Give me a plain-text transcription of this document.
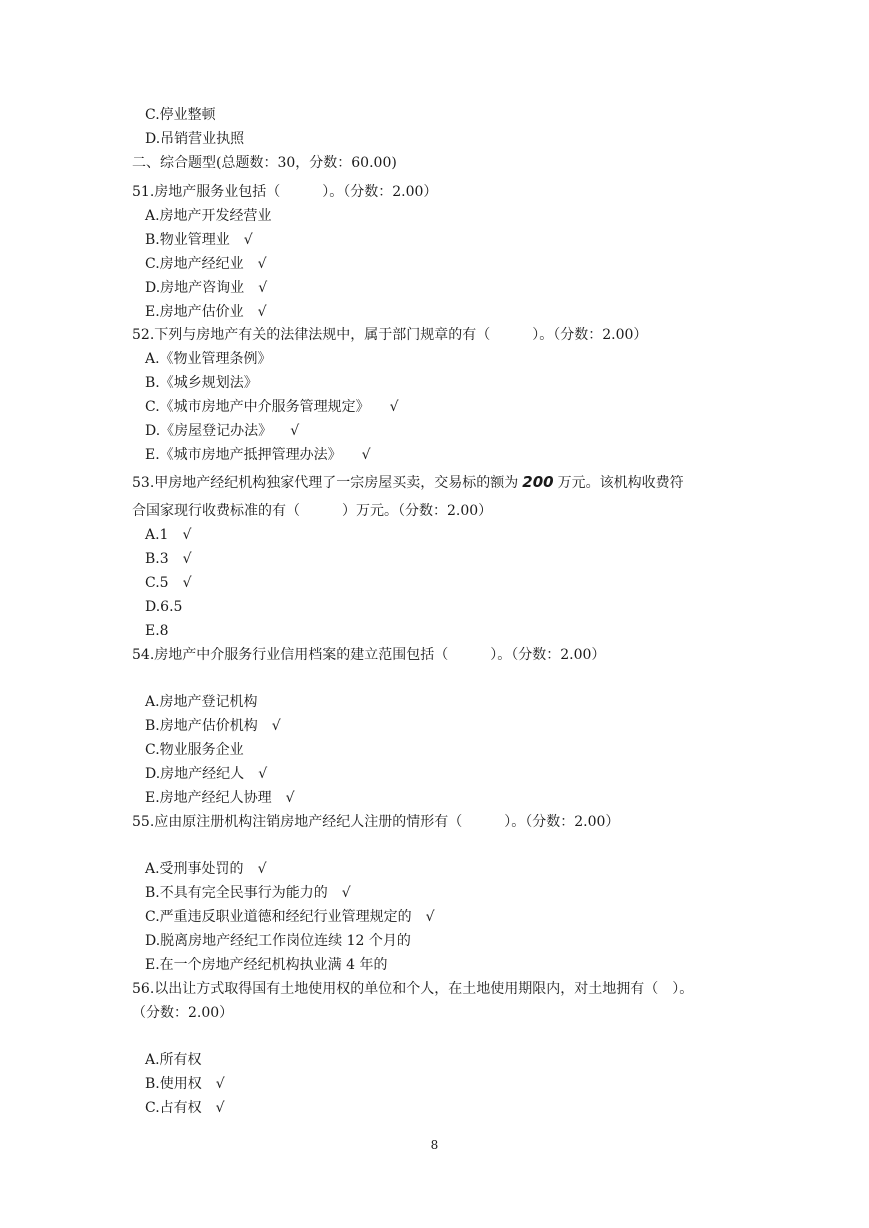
C.停业整顿
D.吊销营业执照
二、综合题型(总题数：30，分数：60.00)
51.房地产服务业包括（　　　）。（分数：2.00）
A.房地产开发经营业
B.物业管理业 √
C.房地产经纪业 √
D.房地产咨询业 √
E.房地产估价业 √
52.下列与房地产有关的法律法规中，属于部门规章的有（　　　）。（分数：2.00）
A.《物业管理条例》
B.《城乡规划法》
C.《城市房地产中介服务管理规定》 √
D.《房屋登记办法》 √
E.《城市房地产抵押管理办法》 √
53.甲房地产经纪机构独家代理了一宗房屋买卖，交易标的额为 200 万元。该机构收费符
合国家现行收费标准的有（　　　）万元。（分数：2.00）
A.1 √
B.3 √
C.5 √
D.6.5
E.8
54.房地产中介服务行业信用档案的建立范围包括（　　　）。（分数：2.00）
A.房地产登记机构
B.房地产估价机构 √
C.物业服务企业
D.房地产经纪人 √
E.房地产经纪人协理 √
55.应由原注册机构注销房地产经纪人注册的情形有（　　　）。（分数：2.00）
A.受刑事处罚的 √
B.不具有完全民事行为能力的 √
C.严重违反职业道德和经纪行业管理规定的 √
D.脱离房地产经纪工作岗位连续 12 个月的
E.在一个房地产经纪机构执业满 4 年的
56.以出让方式取得国有土地使用权的单位和个人，在土地使用期限内，对土地拥有（　）。
（分数：2.00）
A.所有权
B.使用权 √
C.占有权 √
8
